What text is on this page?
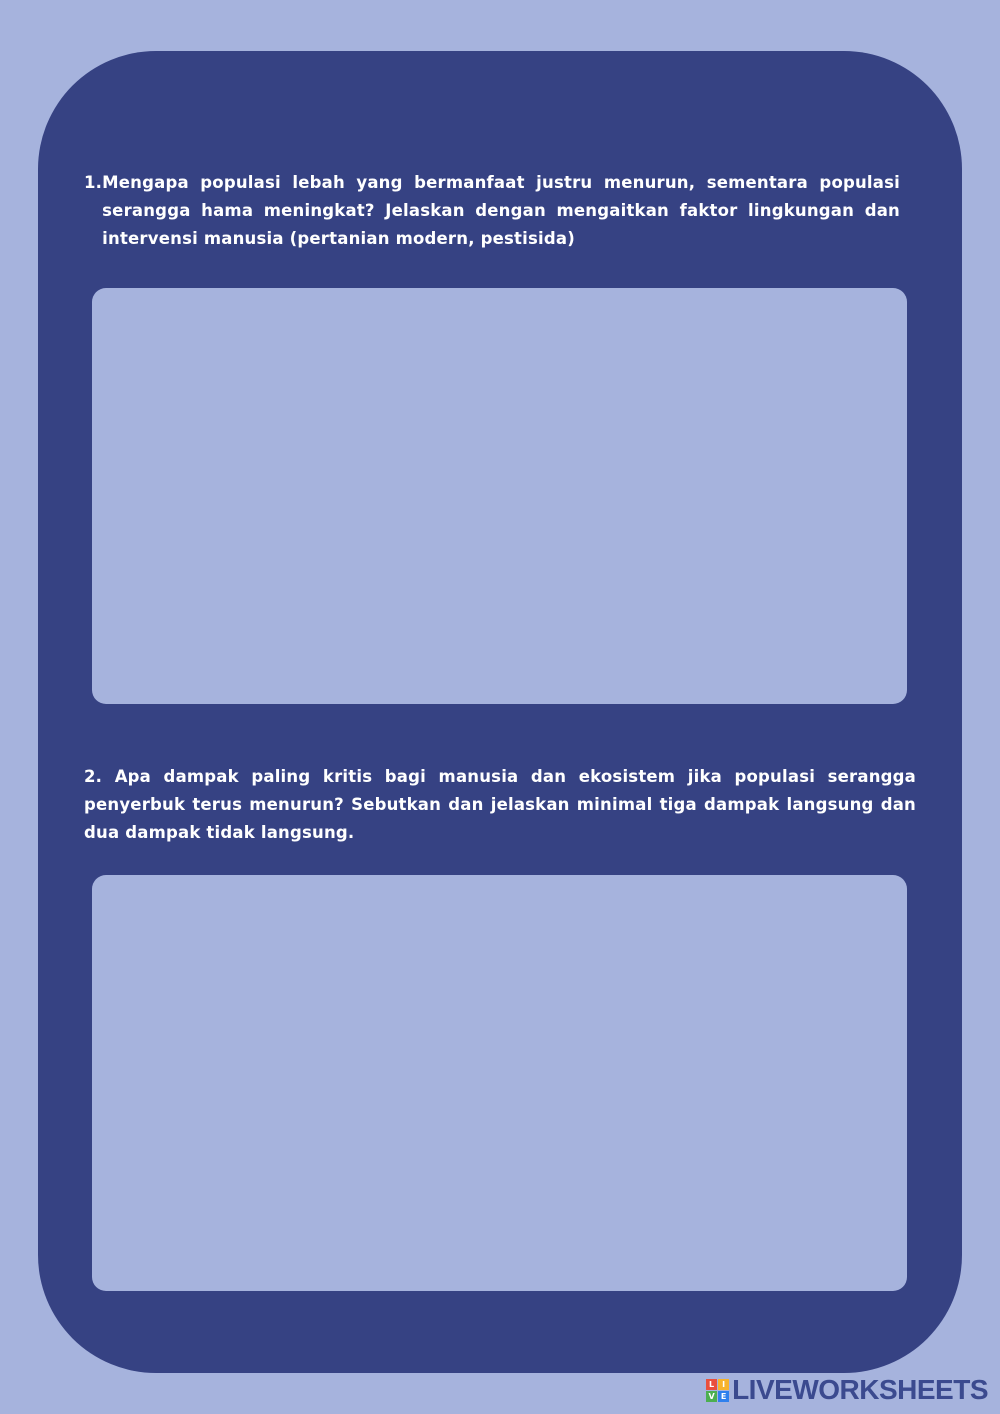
1. Mengapa populasi lebah yang bermanfaat justru menurun, sementara populasi serangga hama meningkat? Jelaskan dengan mengaitkan faktor lingkungan dan intervensi manusia (pertanian modern, pestisida)
2. Apa dampak paling kritis bagi manusia dan ekosistem jika populasi serangga penyerbuk terus menurun? Sebutkan dan jelaskan minimal tiga dampak langsung dan dua dampak tidak langsung.
L I
V E LIVEWORKSHEETS
